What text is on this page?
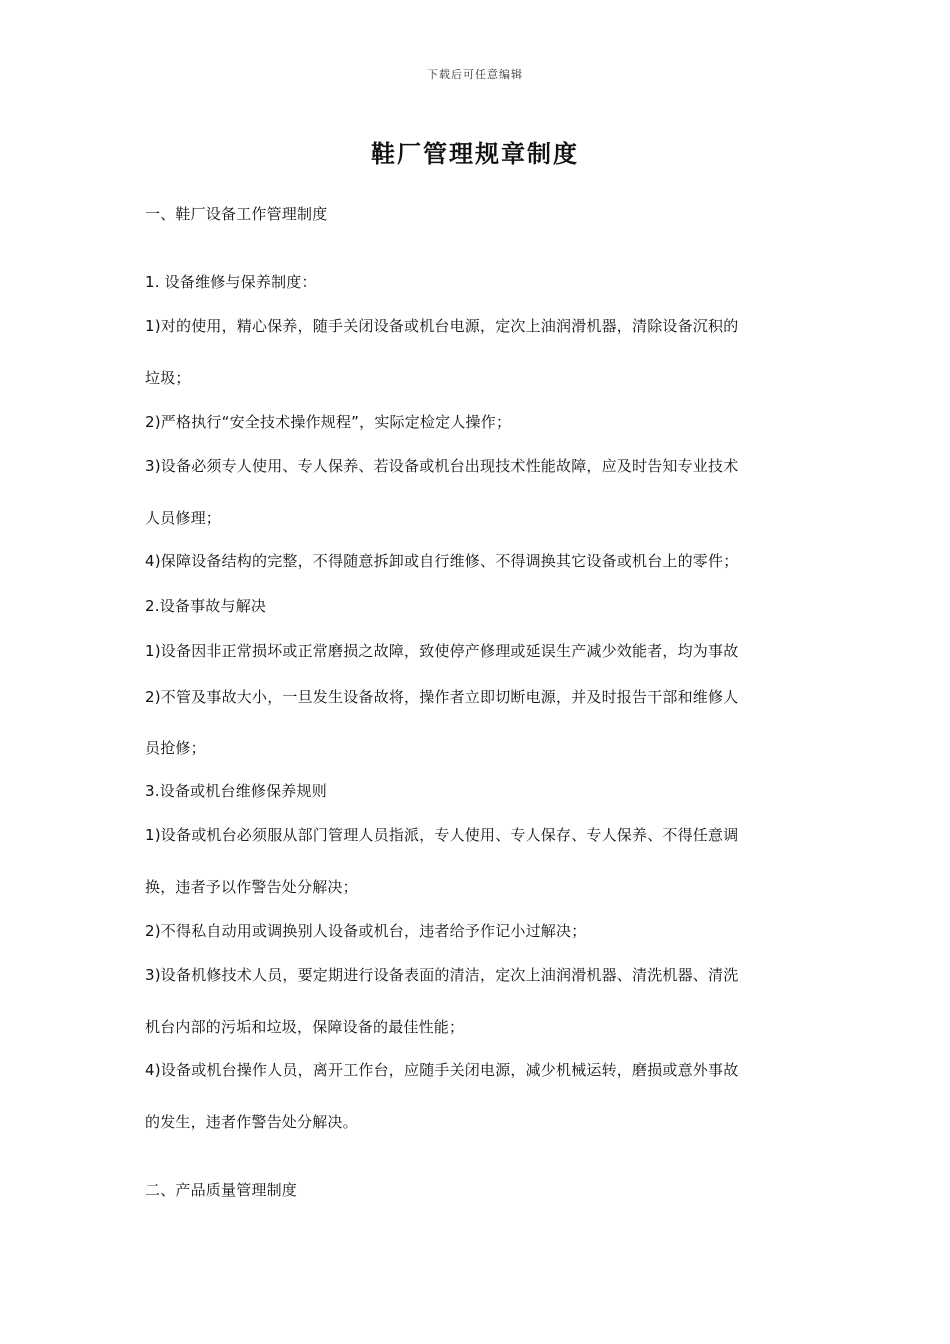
下载后可任意编辑
鞋厂管理规章制度
一、鞋厂设备工作管理制度
1. 设备维修与保养制度：
1)对的使用，精心保养，随手关闭设备或机台电源，定次上油润滑机器，清除设备沉积的
垃圾；
2)严格执行“安全技术操作规程”，实际定检定人操作；
3)设备必须专人使用、专人保养、若设备或机台出现技术性能故障，应及时告知专业技术
人员修理；
4)保障设备结构的完整，不得随意拆卸或自行维修、不得调换其它设备或机台上的零件；
2.设备事故与解决
1)设备因非正常损坏或正常磨损之故障，致使停产修理或延误生产减少效能者，均为事故
2)不管及事故大小，一旦发生设备故将，操作者立即切断电源，并及时报告干部和维修人
员抢修；
3.设备或机台维修保养规则
1)设备或机台必须服从部门管理人员指派，专人使用、专人保存、专人保养、不得任意调
换，违者予以作警告处分解决；
2)不得私自动用或调换别人设备或机台，违者给予作记小过解决；
3)设备机修技术人员，要定期进行设备表面的清洁，定次上油润滑机器、清洗机器、清洗
机台内部的污垢和垃圾，保障设备的最佳性能；
4)设备或机台操作人员，离开工作台，应随手关闭电源，减少机械运转，磨损或意外事故
的发生，违者作警告处分解决。
二、产品质量管理制度
